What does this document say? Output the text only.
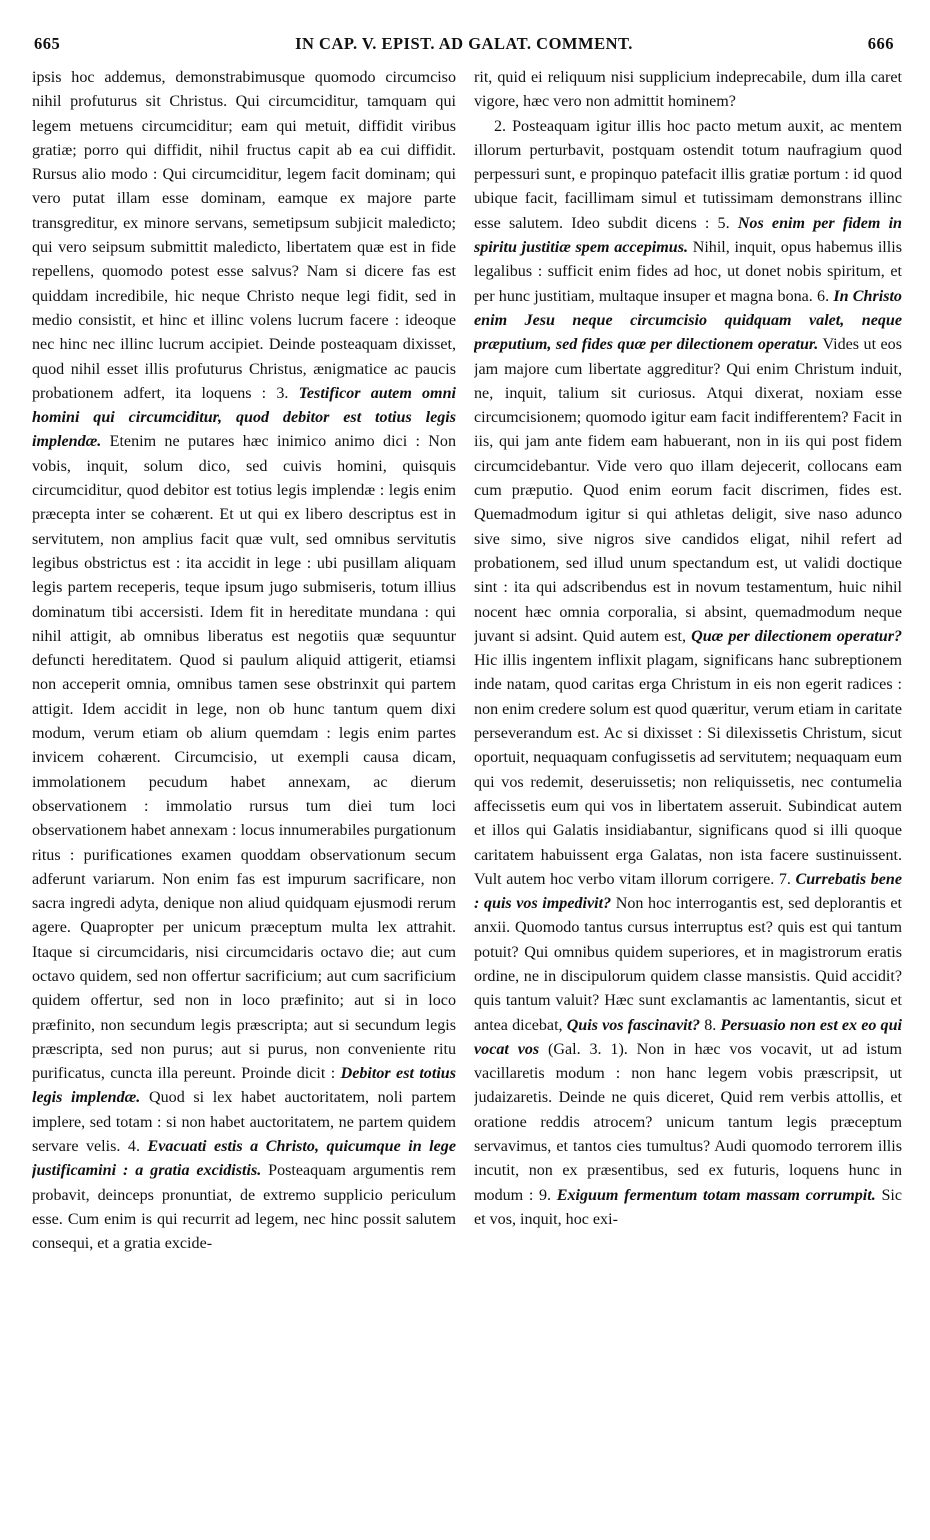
665	IN CAP. V. EPIST. AD GALAT. COMMENT.	666

ipsis hoc addemus, demonstrabimusque quomodo circumciso nihil profuturus sit Christus. Qui circumciditur, tamquam qui legem metuens circumciditur; eam qui metuit, diffidit viribus gratiæ; porro qui diffidit, nihil fructus capit ab ea cui diffidit. Rursus alio modo : Qui circumciditur, legem facit dominam; qui vero putat illam esse dominam, eamque ex majore parte transgreditur, ex minore servans, semetipsum subjicit maledicto; qui vero seipsum submittit maledicto, libertatem quæ est in fide repellens, quomodo potest esse salvus? Nam si dicere fas est quiddam incredibile, hic neque Christo neque legi fidit, sed in medio consistit, et hinc et illinc volens lucrum facere : ideoque nec hinc nec illinc lucrum accipiet. Deinde posteaquam dixisset, quod nihil esset illis profuturus Christus, ænigmatice ac paucis probationem adfert, ita loquens : 3. Testificor autem omni homini qui circumciditur, quod debitor est totius legis implendæ. Etenim ne putares hæc inimico animo dici : Non vobis, inquit, solum dico, sed cuivis homini, quisquis circumciditur, quod debitor est totius legis implendæ : legis enim præcepta inter se cohærent. Et ut qui ex libero descriptus est in servitutem, non amplius facit quæ vult, sed omnibus servitutis legibus obstrictus est : ita accidit in lege : ubi pusillam aliquam legis partem receperis, teque ipsum jugo submiseris, totum illius dominatum tibi accersisti. Idem fit in hereditate mundana : qui nihil attigit, ab omnibus liberatus est negotiis quæ sequuntur defuncti hereditatem. Quod si paulum aliquid attigerit, etiamsi non acceperit omnia, omnibus tamen sese obstrinxit qui partem attigit. Idem accidit in lege, non ob hunc tantum quem dixi modum, verum etiam ob alium quemdam : legis enim partes invicem cohærent. Circumcisio, ut exempli causa dicam, immolationem pecudum habet annexam, ac dierum observationem : immolatio rursus tum diei tum loci observationem habet annexam : locus innumerabiles purgationum ritus : purificationes examen quoddam observationum secum adferunt variarum. Non enim fas est impurum sacrificare, non sacra ingredi adyta, denique non aliud quidquam ejusmodi rerum agere. Quapropter per unicum præceptum multa lex attrahit. Itaque si circumcidaris, nisi circumcidaris octavo die; aut cum octavo quidem, sed non offertur sacrificium; aut cum sacrificium quidem offertur, sed non in loco præfinito; aut si in loco præfinito, non secundum legis præscripta; aut si secundum legis præscripta, sed non purus; aut si purus, non conveniente ritu purificatus, cuncta illa pereunt. Proinde dicit : Debitor est totius legis implendæ. Quod si lex habet auctoritatem, noli partem implere, sed totam : si non habet auctoritatem, ne partem quidem servare velis. 4. Evacuati estis a Christo, quicumque in lege justificamini : a gratia excidistis. Posteaquam argumentis rem probavit, deinceps pronuntiat, de extremo supplicio periculum esse. Cum enim is qui recurrit ad legem, nec hinc possit salutem consequi, et a gratia excide-

rit, quid ei reliquum nisi supplicium indeprecabile, dum illa caret vigore, hæc vero non admittit hominem?

2. Posteaquam igitur illis hoc pacto metum auxit, ac mentem illorum perturbavit, postquam ostendit totum naufragium quod perpessuri sunt, e propinquo patefacit illis gratiæ portum : id quod ubique facit, facillimam simul et tutissimam demonstrans illinc esse salutem. Ideo subdit dicens : 5. Nos enim per fidem in spiritu justitiæ spem accepimus. Nihil, inquit, opus habemus illis legalibus : sufficit enim fides ad hoc, ut donet nobis spiritum, et per hunc justitiam, multaque insuper et magna bona. 6. In Christo enim Jesu neque circumcisio quidquam valet, neque præputium, sed fides quæ per dilectionem operatur. Vides ut eos jam majore cum libertate aggreditur? Qui enim Christum induit, ne, inquit, talium sit curiosus. Atqui dixerat, noxiam esse circumcisionem; quomodo igitur eam facit indifferentem? Facit in iis, qui jam ante fidem eam habuerant, non in iis qui post fidem circumcidebantur. Vide vero quo illam dejecerit, collocans eam cum præputio. Quod enim eorum facit discrimen, fides est. Quemadmodum igitur si qui athletas deligit, sive naso adunco sive simo, sive nigros sive candidos eligat, nihil refert ad probationem, sed illud unum spectandum est, ut validi doctique sint : ita qui adscribendus est in novum testamentum, huic nihil nocent hæc omnia corporalia, si absint, quemadmodum neque juvant si adsint. Quid autem est, Quæ per dilectionem operatur? Hic illis ingentem inflixit plagam, significans hanc subreptionem inde natam, quod caritas erga Christum in eis non egerit radices : non enim credere solum est quod quæritur, verum etiam in caritate perseverandum est. Ac si dixisset : Si dilexissetis Christum, sicut oportuit, nequaquam confugissetis ad servitutem; nequaquam eum qui vos redemit, deseruissetis; non reliquissetis, nec contumelia affecissetis eum qui vos in libertatem asseruit. Subindicat autem et illos qui Galatis insidiabantur, significans quod si illi quoque caritatem habuissent erga Galatas, non ista facere sustinuissent. Vult autem hoc verbo vitam illorum corrigere. 7. Currebatis bene : quis vos impedivit? Non hoc interrogantis est, sed deplorantis et anxii. Quomodo tantus cursus interruptus est? quis est qui tantum potuit? Qui omnibus quidem superiores, et in magistrorum eratis ordine, ne in discipulorum quidem classe mansistis. Quid accidit? quis tantum valuit? Hæc sunt exclamantis ac lamentantis, sicut et antea dicebat, Quis vos fascinavit? 8. Persuasio non est ex eo qui vocat vos (Gal. 3. 1). Non in hæc vos vocavit, ut ad istum vacillaretis modum : non hanc legem vobis præscripsit, ut judaizaretis. Deinde ne quis diceret, Quid rem verbis attollis, et oratione reddis atrocem? unicum tantum legis præceptum servavimus, et tantos cies tumultus? Audi quomodo terrorem illis incutit, non ex præsentibus, sed ex futuris, loquens hunc in modum : 9. Exiguum fermentum totam massam corrumpit. Sic et vos, inquit, hoc exi-
